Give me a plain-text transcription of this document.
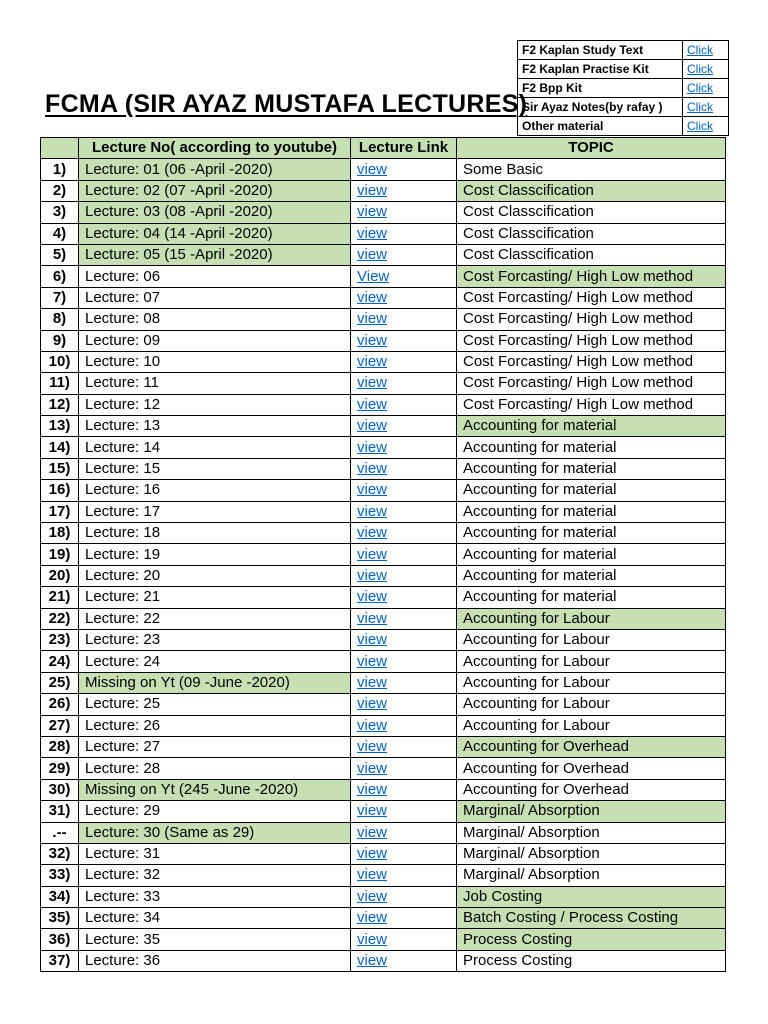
F2 Kaplan Study Text	Click
F2 Kaplan Practise Kit	Click
F2 Bpp Kit	Click
Sir Ayaz Notes(by rafay )	Click
Other material	Click
FCMA (SIR AYAZ MUSTAFA LECTURES)
	Lecture No( according to youtube)	Lecture Link	TOPIC
1)	Lecture: 01 (06 -April -2020)	view	Some Basic
2)	Lecture: 02 (07 -April -2020)	view	Cost Classcification
3)	Lecture: 03 (08 -April -2020)	view	Cost Classcification
4)	Lecture: 04 (14 -April -2020)	view	Cost Classcification
5)	Lecture: 05 (15 -April -2020)	view	Cost Classcification
6)	Lecture: 06	View	Cost Forcasting/ High Low method
7)	Lecture: 07	view	Cost Forcasting/ High Low method
8)	Lecture: 08	view	Cost Forcasting/ High Low method
9)	Lecture: 09	view	Cost Forcasting/ High Low method
10)	Lecture: 10	view	Cost Forcasting/ High Low method
11)	Lecture: 11	view	Cost Forcasting/ High Low method
12)	Lecture: 12	view	Cost Forcasting/ High Low method
13)	Lecture: 13	view	Accounting for material
14)	Lecture: 14	view	Accounting for material
15)	Lecture: 15	view	Accounting for material
16)	Lecture: 16	view	Accounting for material
17)	Lecture: 17	view	Accounting for material
18)	Lecture: 18	view	Accounting for material
19)	Lecture: 19	view	Accounting for material
20)	Lecture: 20	view	Accounting for material
21)	Lecture: 21	view	Accounting for material
22)	Lecture: 22	view	Accounting for Labour
23)	Lecture: 23	view	Accounting for Labour
24)	Lecture: 24	view	Accounting for Labour
25)	Missing on Yt (09 -June -2020)	view	Accounting for Labour
26)	Lecture: 25	view	Accounting for Labour
27)	Lecture: 26	view	Accounting for Labour
28)	Lecture: 27	view	Accounting for Overhead
29)	Lecture: 28	view	Accounting for Overhead
30)	Missing on Yt (245 -June -2020)	view	Accounting for Overhead
31)	Lecture: 29	view	Marginal/ Absorption
.--	Lecture: 30 (Same as 29)	view	Marginal/ Absorption
32)	Lecture: 31	view	Marginal/ Absorption
33)	Lecture: 32	view	Marginal/ Absorption
34)	Lecture: 33	view	Job Costing
35)	Lecture: 34	view	Batch Costing / Process Costing
36)	Lecture: 35	view	Process Costing
37)	Lecture: 36	view	Process Costing
